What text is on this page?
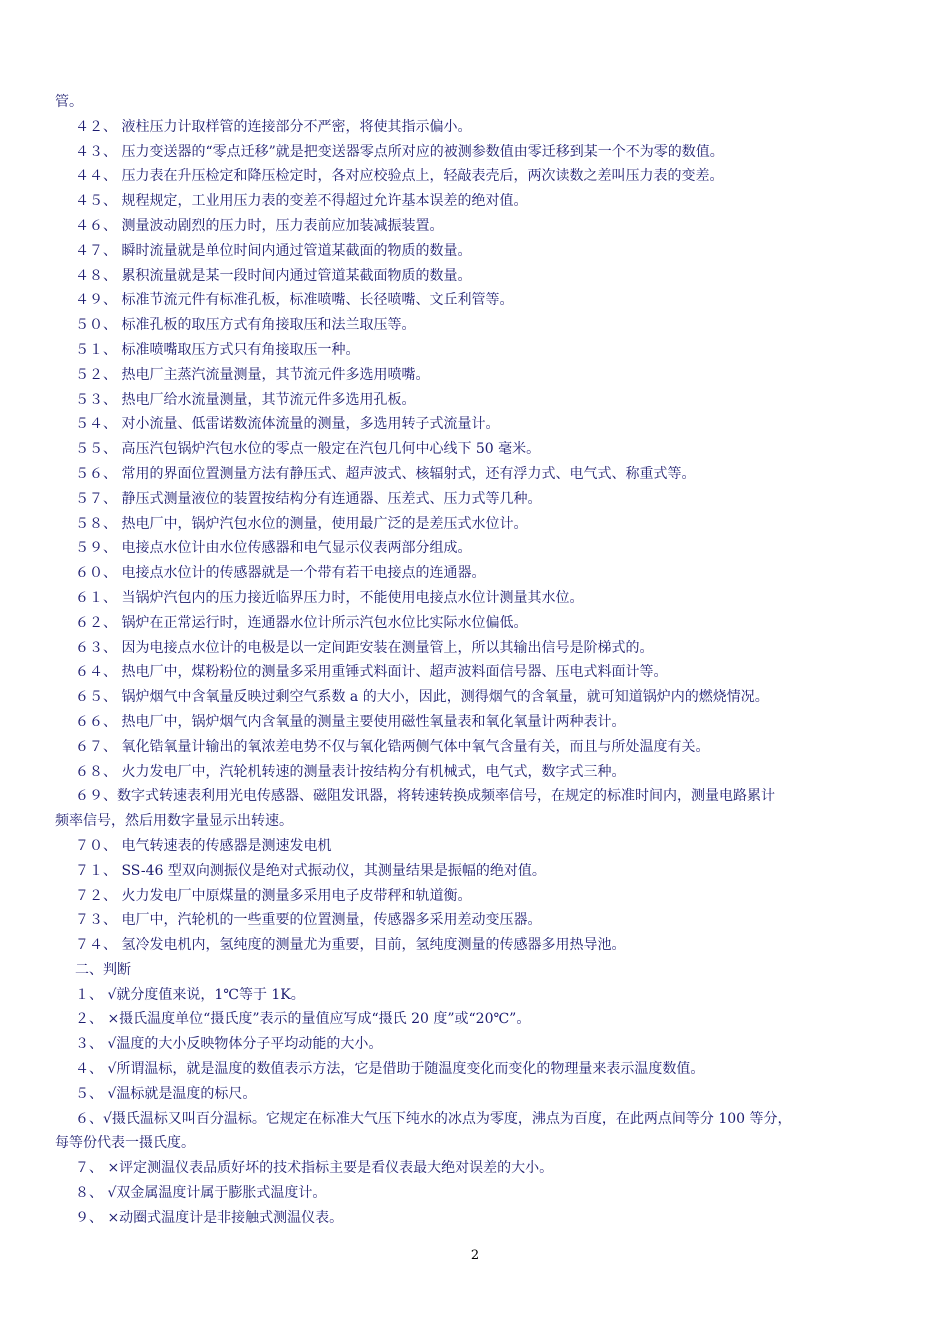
管。
４２、 液柱压力计取样管的连接部分不严密，将使其指示偏小。
４３、 压力变送器的“零点迁移”就是把变送器零点所对应的被测参数值由零迁移到某一个不为零的数值。
４４、 压力表在升压检定和降压检定时，各对应校验点上，轻敲表壳后，两次读数之差叫压力表的变差。
４５、 规程规定，工业用压力表的变差不得超过允许基本误差的绝对值。
４６、 测量波动剧烈的压力时，压力表前应加装减振装置。
４７、 瞬时流量就是单位时间内通过管道某截面的物质的数量。
４８、 累积流量就是某一段时间内通过管道某截面物质的数量。
４９、 标准节流元件有标准孔板，标准喷嘴、长径喷嘴、文丘利管等。
５０、 标准孔板的取压方式有角接取压和法兰取压等。
５１、 标准喷嘴取压方式只有角接取压一种。
５２、 热电厂主蒸汽流量测量，其节流元件多选用喷嘴。
５３、 热电厂给水流量测量，其节流元件多选用孔板。
５４、 对小流量、低雷诺数流体流量的测量，多选用转子式流量计。
５５、 高压汽包锅炉汽包水位的零点一般定在汽包几何中心线下 50 毫米。
５６、 常用的界面位置测量方法有静压式、超声波式、核辐射式，还有浮力式、电气式、称重式等。
５７、 静压式测量液位的装置按结构分有连通器、压差式、压力式等几种。
５８、 热电厂中，锅炉汽包水位的测量，使用最广泛的是差压式水位计。
５９、 电接点水位计由水位传感器和电气显示仪表两部分组成。
６０、 电接点水位计的传感器就是一个带有若干电接点的连通器。
６１、 当锅炉汽包内的压力接近临界压力时，不能使用电接点水位计测量其水位。
６２、 锅炉在正常运行时，连通器水位计所示汽包水位比实际水位偏低。
６３、 因为电接点水位计的电极是以一定间距安装在测量管上，所以其输出信号是阶梯式的。
６４、 热电厂中，煤粉粉位的测量多采用重锤式料面计、超声波料面信号器、压电式料面计等。
６５、 锅炉烟气中含氧量反映过剩空气系数 a 的大小，因此，测得烟气的含氧量，就可知道锅炉内的燃烧情况。
６６、 热电厂中，锅炉烟气内含氧量的测量主要使用磁性氧量表和氧化氧量计两种表计。
６７、 氧化锆氧量计输出的氧浓差电势不仅与氧化锆两侧气体中氧气含量有关，而且与所处温度有关。
６８、 火力发电厂中，汽轮机转速的测量表计按结构分有机械式，电气式，数字式三种。
６９、数字式转速表利用光电传感器、磁阻发讯器，将转速转换成频率信号，在规定的标准时间内，测量电路累计
频率信号，然后用数字量显示出转速。
７０、 电气转速表的传感器是测速发电机
７１、 SS-46 型双向测振仪是绝对式振动仪，其测量结果是振幅的绝对值。
７２、 火力发电厂中原煤量的测量多采用电子皮带秤和轨道衡。
７３、 电厂中，汽轮机的一些重要的位置测量，传感器多采用差动变压器。
７４、 氢冷发电机内，氢纯度的测量尤为重要，目前，氢纯度测量的传感器多用热导池。
二、判断
１、 √就分度值来说，1℃等于 1K。
２、 ×摄氏温度单位“摄氏度”表示的量值应写成“摄氏 20 度”或“20℃”。
３、 √温度的大小反映物体分子平均动能的大小。
４、 √所谓温标，就是温度的数值表示方法，它是借助于随温度变化而变化的物理量来表示温度数值。
５、 √温标就是温度的标尺。
６、√摄氏温标又叫百分温标。它规定在标准大气压下纯水的冰点为零度，沸点为百度，在此两点间等分 100 等分，
每等份代表一摄氏度。
７、 ×评定测温仪表品质好坏的技术指标主要是看仪表最大绝对误差的大小。
８、 √双金属温度计属于膨胀式温度计。
９、 ×动圈式温度计是非接触式测温仪表。
2
